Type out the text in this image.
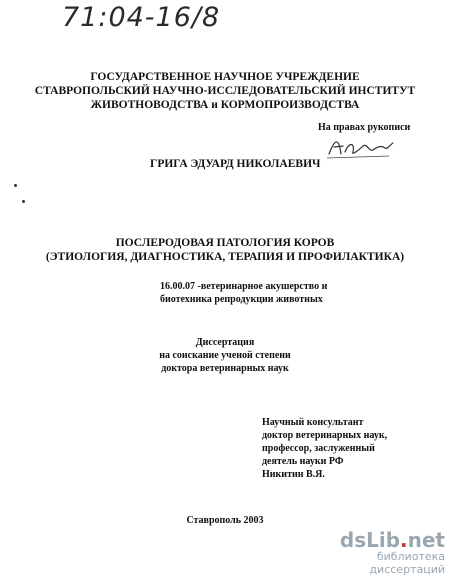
71:04-16/8
ГОСУДАРСТВЕННОЕ НАУЧНОЕ УЧРЕЖДЕНИЕ
СТАВРОПОЛЬСКИЙ НАУЧНО-ИССЛЕДОВАТЕЛЬСКИЙ ИНСТИТУТ
ЖИВОТНОВОДСТВА и КОРМОПРОИЗВОДСТВА
На правах рукописи
ГРИГА ЭДУАРД НИКОЛАЕВИЧ
ПОСЛЕРОДОВАЯ ПАТОЛОГИЯ КОРОВ
(ЭТИОЛОГИЯ, ДИАГНОСТИКА, ТЕРАПИЯ И ПРОФИЛАКТИКА)
16.00.07 -ветеринарное акушерство и
биотехника репродукции животных
Диссертация
на соискание ученой степени
доктора ветеринарных наук
Научный консультант
доктор ветеринарных наук,
профессор, заслуженный
деятель науки РФ
Никитин В.Я.
Ставрополь 2003
dsLib.net
библиотека диссертаций
